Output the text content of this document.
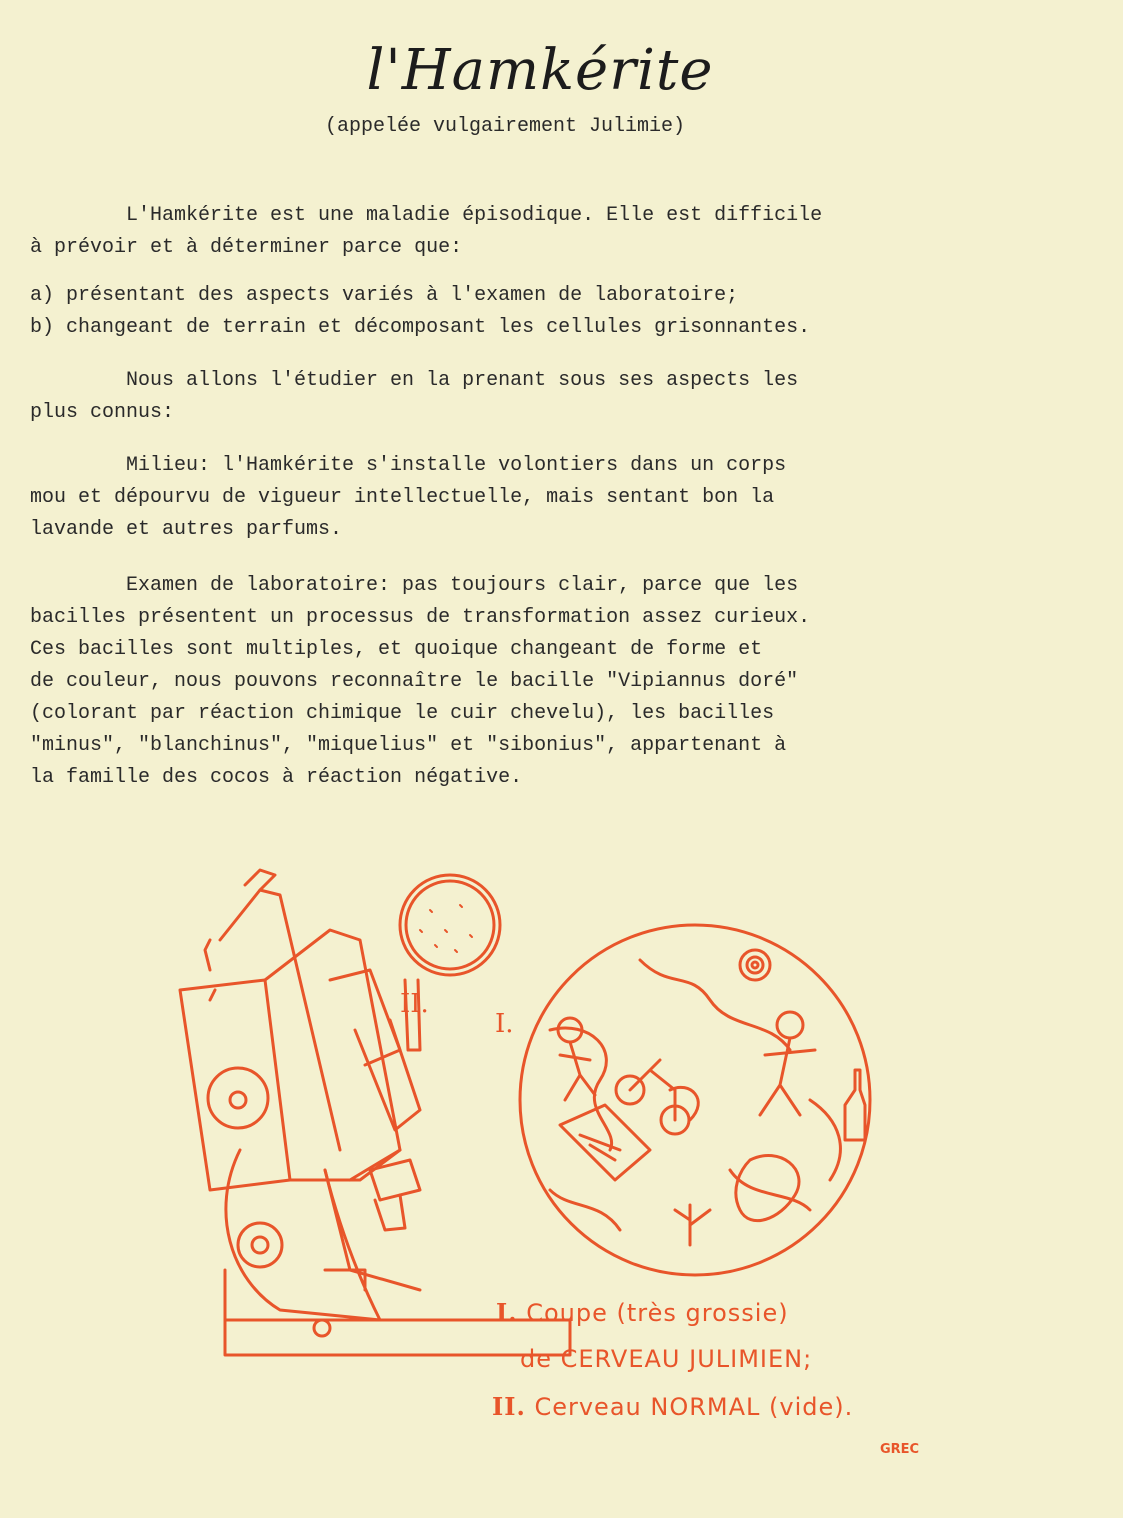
l'Hamkérite
(appelée vulgairement Julimie)

L'Hamkérite est une maladie épisodique. Elle est difficile
à prévoir et à déterminer parce que:

a) présentant des aspects variés à l'examen de laboratoire;
b) changeant de terrain et décomposant les cellules grisonnantes.

Nous allons l'étudier en la prenant sous ses aspects les
plus connus:

Milieu: l'Hamkérite s'installe volontiers dans un corps
mou et dépourvu de vigueur intellectuelle, mais sentant bon la
lavande et autres parfums.

Examen de laboratoire: pas toujours clair, parce que les
bacilles présentent un processus de transformation assez curieux.
Ces bacilles sont multiples, et quoique changeant de forme et
de couleur, nous pouvons reconnaître le bacille "Vipiannus doré"
(colorant par réaction chimique le cuir chevelu), les bacilles
"minus", "blanchinus", "miquelius" et "sibonius", appartenant à
la famille des cocos à réaction négative.

II.
I.
I. Coupe (très grossie)
de CERVEAU JULIMIEN;
II. Cerveau NORMAL (vide).
GREC
